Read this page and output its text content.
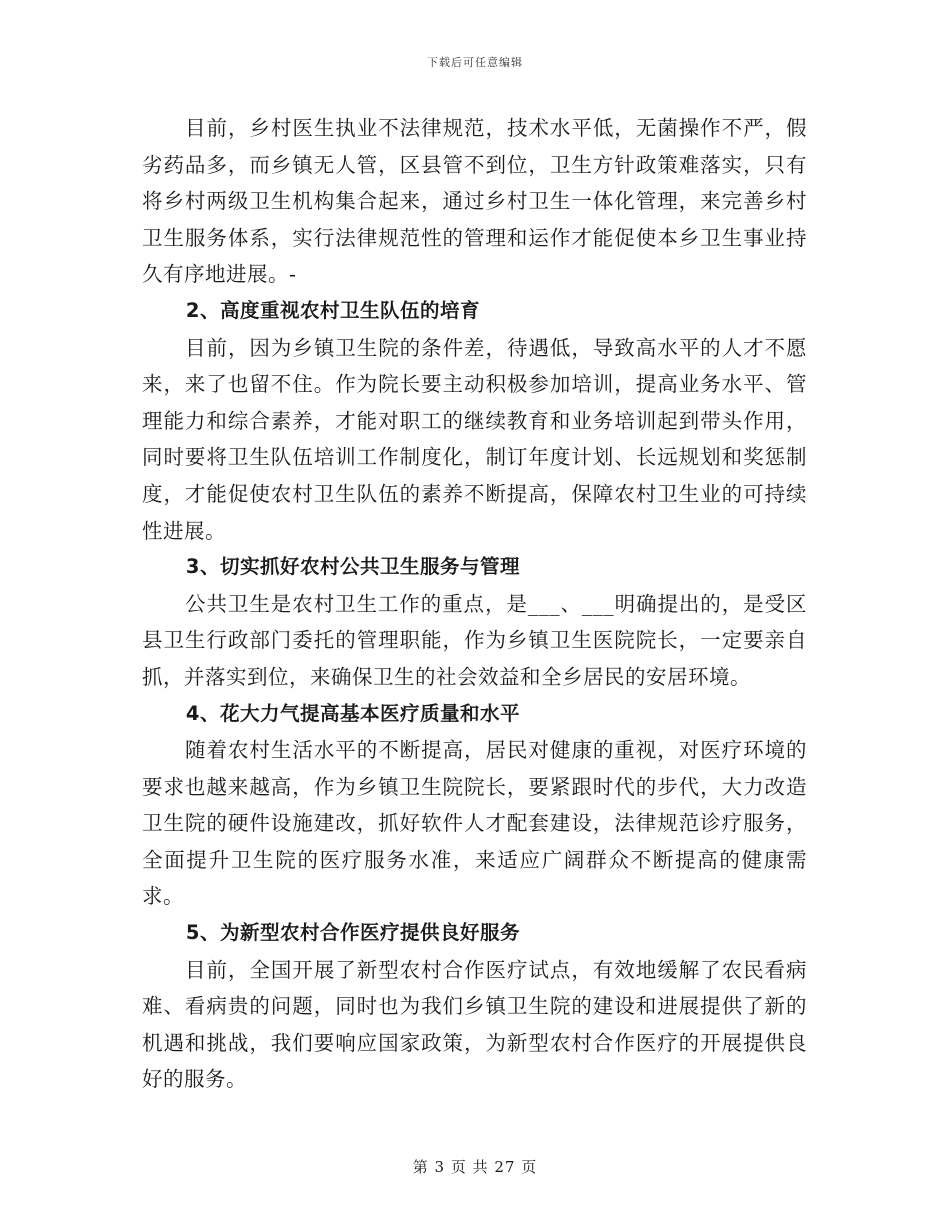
下载后可任意编辑

目前，乡村医生执业不法律规范，技术水平低，无菌操作不严，假劣药品多，而乡镇无人管，区县管不到位，卫生方针政策难落实，只有将乡村两级卫生机构集合起来，通过乡村卫生一体化管理，来完善乡村卫生服务体系，实行法律规范性的管理和运作才能促使本乡卫生事业持久有序地进展。-

2、高度重视农村卫生队伍的培育

目前，因为乡镇卫生院的条件差，待遇低，导致高水平的人才不愿来，来了也留不住。作为院长要主动积极参加培训，提高业务水平、管理能力和综合素养，才能对职工的继续教育和业务培训起到带头作用，同时要将卫生队伍培训工作制度化，制订年度计划、长远规划和奖惩制度，才能促使农村卫生队伍的素养不断提高，保障农村卫生业的可持续性进展。

3、切实抓好农村公共卫生服务与管理

公共卫生是农村卫生工作的重点，是___、___明确提出的，是受区县卫生行政部门委托的管理职能，作为乡镇卫生医院院长，一定要亲自抓，并落实到位，来确保卫生的社会效益和全乡居民的安居环境。

4、花大力气提高基本医疗质量和水平

随着农村生活水平的不断提高，居民对健康的重视，对医疗环境的要求也越来越高，作为乡镇卫生院院长，要紧跟时代的步代，大力改造卫生院的硬件设施建改，抓好软件人才配套建设，法律规范诊疗服务，全面提升卫生院的医疗服务水准，来适应广阔群众不断提高的健康需求。

5、为新型农村合作医疗提供良好服务

目前，全国开展了新型农村合作医疗试点，有效地缓解了农民看病难、看病贵的问题，同时也为我们乡镇卫生院的建设和进展提供了新的机遇和挑战，我们要响应国家政策，为新型农村合作医疗的开展提供良好的服务。

第 3 页 共 27 页
